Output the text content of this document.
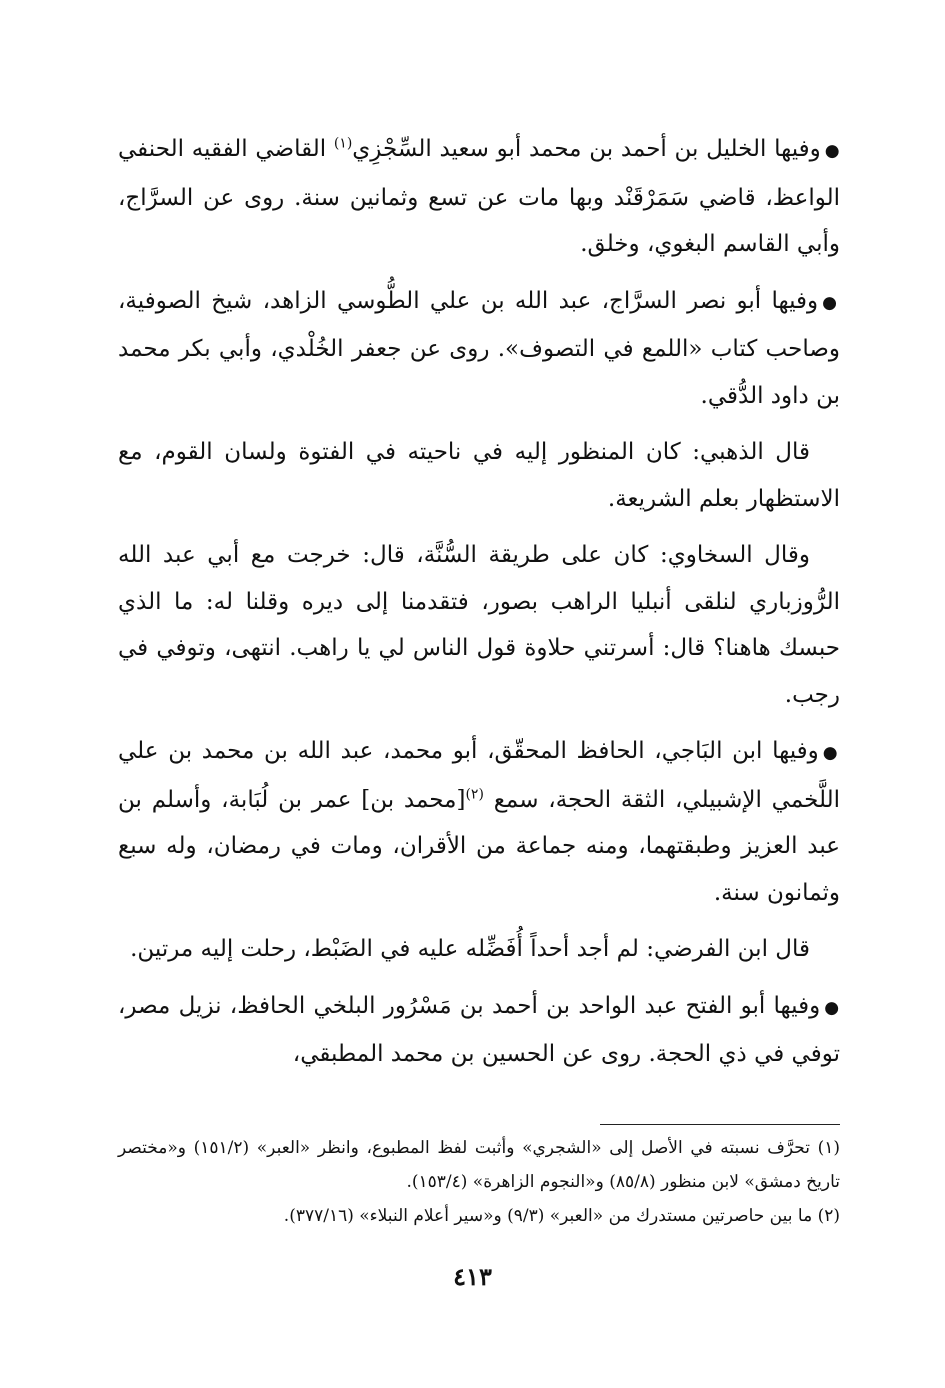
●وفيها الخليل بن أحمد بن محمد أبو سعيد السِّجْزِي$^{(١)}$ القاضي الفقيه الحنفي الواعظ، قاضي سَمَرْقَنْد وبها مات عن تسع وثمانين سنة. روى عن السرَّاج، وأبي القاسم البغوي، وخلق.

●وفيها أبو نصر السرَّاج، عبد الله بن علي الطُّوسي الزاهد، شيخ الصوفية، وصاحب كتاب «اللمع في التصوف». روى عن جعفر الخُلْدي، وأبي بكر محمد بن داود الدُّقي.

قال الذهبي: كان المنظور إليه في ناحيته في الفتوة ولسان القوم، مع الاستظهار بعلم الشريعة.

وقال السخاوي: كان على طريقة السُّنَّة، قال: خرجت مع أبي عبد الله الرُّوزباري لنلقى أنبليا الراهب بصور، فتقدمنا إلى ديره وقلنا له: ما الذي حبسك هاهنا؟ قال: أسرتني حلاوة قول الناس لي يا راهب. انتهى، وتوفي في رجب.

●وفيها ابن البَاجي، الحافظ المحقّق، أبو محمد، عبد الله بن محمد بن علي اللَّخمي الإشبيلي، الثقة الحجة، سمع $^{(٢)}$[محمد بن] عمر بن لُبَابة، وأسلم بن عبد العزيز وطبقتهما، ومنه جماعة من الأقران، ومات في رمضان، وله سبع وثمانون سنة.

قال ابن الفرضي: لم أجد أحداً أُفَضِّله عليه في الضَبْط، رحلت إليه مرتين.

●وفيها أبو الفتح عبد الواحد بن أحمد بن مَسْرُور البلخي الحافظ، نزيل مصر، توفي في ذي الحجة. روى عن الحسين بن محمد المطبقي،

(١) تحرَّف نسبته في الأصل إلى «الشجري» وأثبت لفظ المطبوع، وانظر «العبر» (١٥١/٢) و«مختصر تاريخ دمشق» لابن منظور (٨٥/٨) و«النجوم الزاهرة» (١٥٣/٤).

(٢) ما بين حاصرتين مستدرك من «العبر» (٩/٣) و«سير أعلام النبلاء» (٣٧٧/١٦).

٤١٣
